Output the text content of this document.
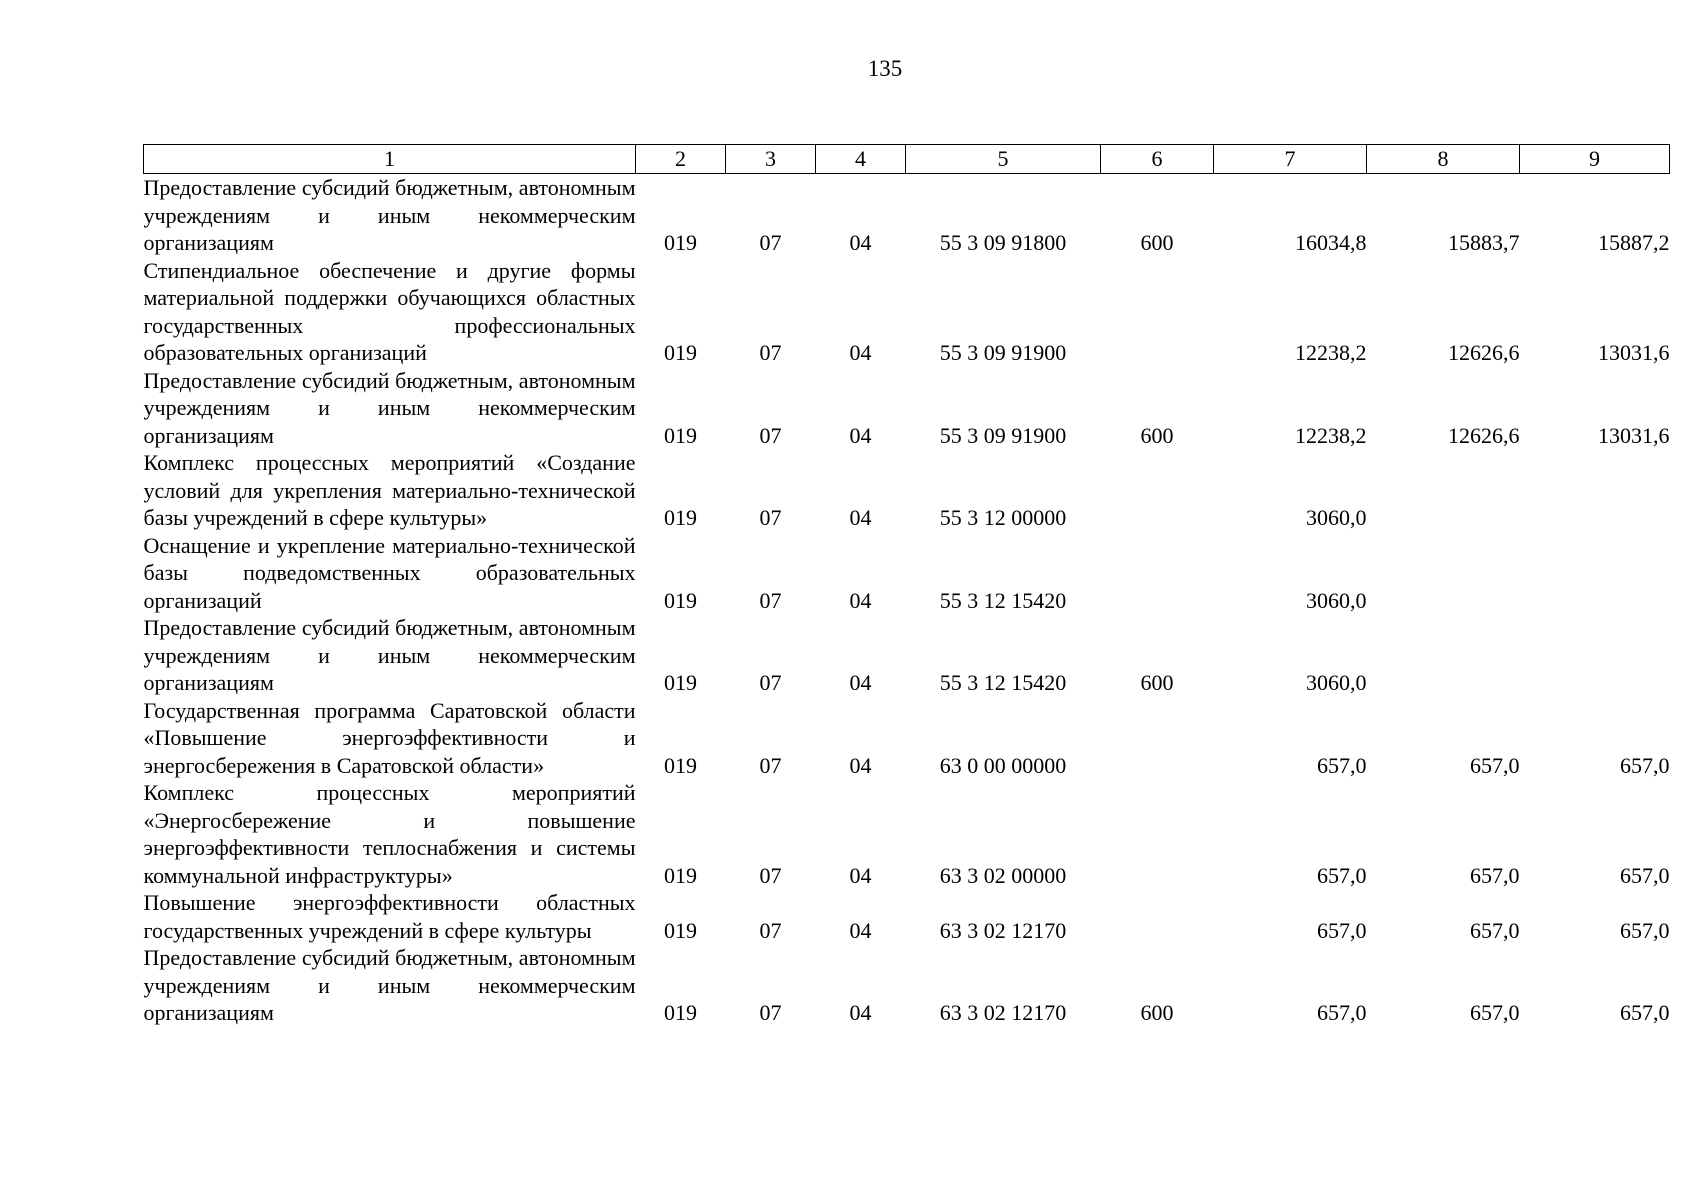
135
1	2	3	4	5	6	7	8	9
Предоставление субсидий бюджетным, автономным учреждениям и иным некоммерческим организациям	019	07	04	55 3 09 91800	600	16034,8	15883,7	15887,2
Стипендиальное обеспечение и другие формы материальной поддержки обучающихся областных государственных профессиональных образовательных организаций	019	07	04	55 3 09 91900		12238,2	12626,6	13031,6
Предоставление субсидий бюджетным, автономным учреждениям и иным некоммерческим организациям	019	07	04	55 3 09 91900	600	12238,2	12626,6	13031,6
Комплекс процессных мероприятий «Создание условий для укрепления материально-технической базы учреждений в сфере культуры»	019	07	04	55 3 12 00000		3060,0		
Оснащение и укрепление материально-технической базы подведомственных образовательных организаций	019	07	04	55 3 12 15420		3060,0		
Предоставление субсидий бюджетным, автономным учреждениям и иным некоммерческим организациям	019	07	04	55 3 12 15420	600	3060,0		
Государственная программа Саратовской области «Повышение энергоэффективности и энергосбережения в Саратовской области»	019	07	04	63 0 00 00000		657,0	657,0	657,0
Комплекс процессных мероприятий «Энергосбережение и повышение энергоэффективности теплоснабжения и системы коммунальной инфраструктуры»	019	07	04	63 3 02 00000		657,0	657,0	657,0
Повышение энергоэффективности областных государственных учреждений в сфере культуры	019	07	04	63 3 02 12170		657,0	657,0	657,0
Предоставление субсидий бюджетным, автономным учреждениям и иным некоммерческим организациям	019	07	04	63 3 02 12170	600	657,0	657,0	657,0
